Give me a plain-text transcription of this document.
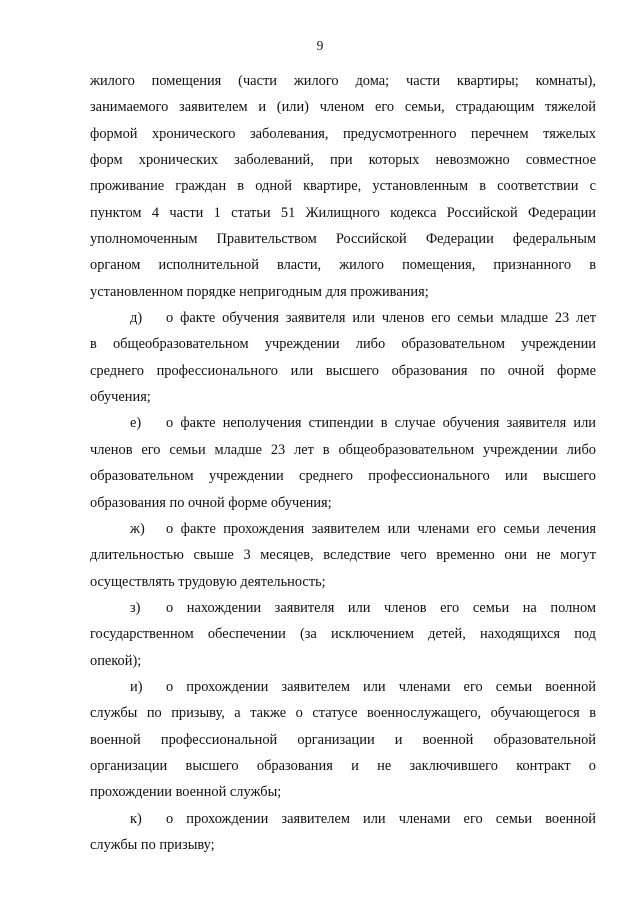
9
жилого помещения (части жилого дома; части квартиры; комнаты),
занимаемого заявителем и (или) членом его семьи, страдающим тяжелой
формой хронического заболевания, предусмотренного перечнем тяжелых
форм хронических заболеваний, при которых невозможно совместное
проживание граждан в одной квартире, установленным в соответствии с
пунктом 4 части 1 статьи 51 Жилищного кодекса Российской Федерации
уполномоченным Правительством Российской Федерации федеральным
органом исполнительной власти, жилого помещения, признанного в
установленном порядке непригодным для проживания;
д) о факте обучения заявителя или членов его семьи младше 23 лет
в общеобразовательном учреждении либо образовательном учреждении
среднего профессионального или высшего образования по очной форме
обучения;
е) о факте неполучения стипендии в случае обучения заявителя или
членов его семьи младше 23 лет в общеобразовательном учреждении либо
образовательном учреждении среднего профессионального или высшего
образования по очной форме обучения;
ж) о факте прохождения заявителем или членами его семьи лечения
длительностью свыше 3 месяцев, вследствие чего временно они не могут
осуществлять трудовую деятельность;
з) о нахождении заявителя или членов его семьи на полном
государственном обеспечении (за исключением детей, находящихся под
опекой);
и) о прохождении заявителем или членами его семьи военной
службы по призыву, а также о статусе военнослужащего, обучающегося в
военной профессиональной организации и военной образовательной
организации высшего образования и не заключившего контракт о
прохождении военной службы;
к) о прохождении заявителем или членами его семьи военной
службы по призыву;
